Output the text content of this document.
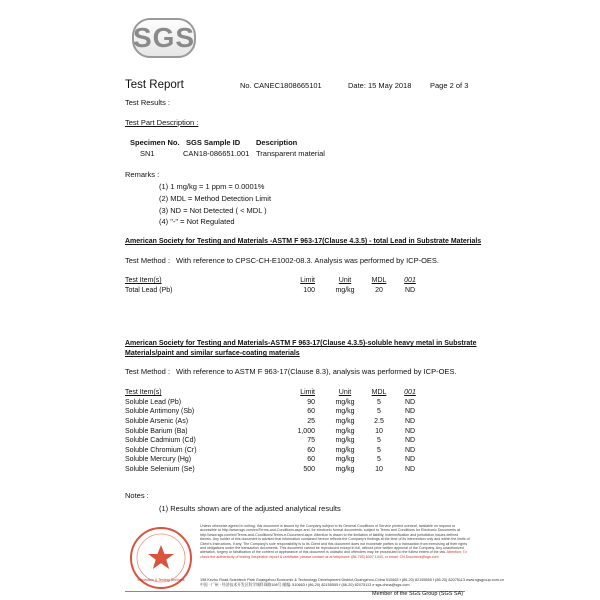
SGS
Test Report	No. CANEC1808665101	Date: 15 May 2018 Page 2 of 3
Test Results :
Test Part Description :
Specimen No. SGS Sample ID Description
SN1	CAN18-086651.001 Transparent material
Remarks :
(1) 1 mg/kg = 1 ppm = 0.0001%
(2) MDL = Method Detection Limit
(3) ND = Not Detected ( < MDL )
(4) "-" = Not Regulated
American Society for Testing and Materials -ASTM F 963-17(Clause 4.3.5) - total Lead in Substrate Materials
Test Method : With reference to CPSC-CH-E1002-08.3. Analysis was performed by ICP-OES.
Test Item(s)	Limit	Unit	MDL	001
Total Lead (Pb)	100	mg/kg	20	ND
American Society for Testing and Materials-ASTM F 963-17(Clause 4.3.5)-soluble heavy metal in Substrate
Materials/paint and similar surface-coating materials
Test Method : With reference to ASTM F 963-17(Clause 8.3), analysis was performed by ICP-OES.
Test Item(s)	Limit	Unit	MDL	001
Soluble Lead (Pb)	90	mg/kg	5	ND
Soluble Antimony (Sb)	60	mg/kg	5	ND
Soluble Arsenic (As)	25	mg/kg	2.5	ND
Soluble Barium (Ba)	1,000	mg/kg	10	ND
Soluble Cadmium (Cd)	75	mg/kg	5	ND
Soluble Chromium (Cr)	60	mg/kg	5	ND
Soluble Mercury (Hg)	60	mg/kg	5	ND
Soluble Selenium (Se)	500	mg/kg	10	ND
Notes :
(1) Results shown are of the adjusted analytical results
Inspection & Testing Services
Unless otherwise agreed in writing, this document is issued by the Company subject to its General Conditions of Service printed overleaf, available on request or accessible at http://www.sgs.com/en/Terms-and-Conditions.aspx and, for electronic format documents, subject to Terms and Conditions for Electronic Documents at http://www.sgs.com/en/Terms-and-Conditions/Terms-e-Document.aspx. Attention is drawn to the limitation of liability, indemnification and jurisdiction issues defined therein. Any holder of this document is advised that information contained hereon reflects the Company's findings at the time of its intervention only and within the limits of Client's instructions, if any. The Company's sole responsibility is to its Client and this document does not exonerate parties to a transaction from exercising all their rights and obligations under the transaction documents. This document cannot be reproduced except in full, without prior written approval of the Company. Any unauthorized alteration, forgery or falsification of the content or appearance of this document is unlawful and offenders may be prosecuted to the fullest extent of the law. Attention: To check the authenticity of testing /inspection report & certificate, please contact us at telephone: (86-755) 8307 1443, or email: CN.Doccheck@sgs.com
198 Kezhu Road,Scientech Park Guangzhou Economic & Technology Development District,Guangzhou,China 510663 t (86-20) 82155555 f (86-20) 82075113 www.sgsgroup.com.cn
中国 · 广州 · 经济技术开发区科学城科珠路198号 邮编: 510663 t (86-20) 82155555 f (86-20) 82075113 e sgs.china@sgs.com
Member of the SGS Group (SGS SA)
